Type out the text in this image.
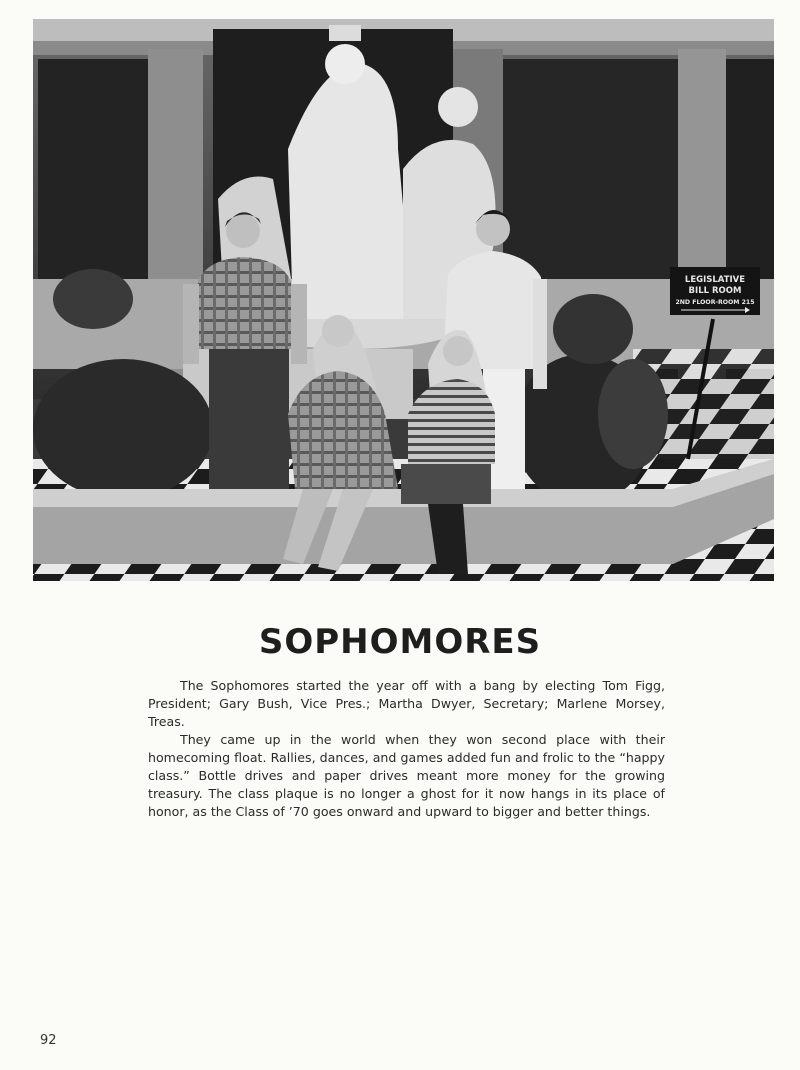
LEGISLATIVE
BILL ROOM
2ND FLOOR-ROOM 215
SOPHOMORES

The Sophomores started the year off with a bang by electing Tom Figg, President; Gary Bush, Vice Pres.; Martha Dwyer, Secretary; Marlene Morsey, Treas.

They came up in the world when they won second place with their homecoming float. Rallies, dances, and games added fun and frolic to the “happy class.” Bottle drives and paper drives meant more money for the growing treasury. The class plaque is no longer a ghost for it now hangs in its place of honor, as the Class of ’70 goes onward and upward to bigger and better things.

92
